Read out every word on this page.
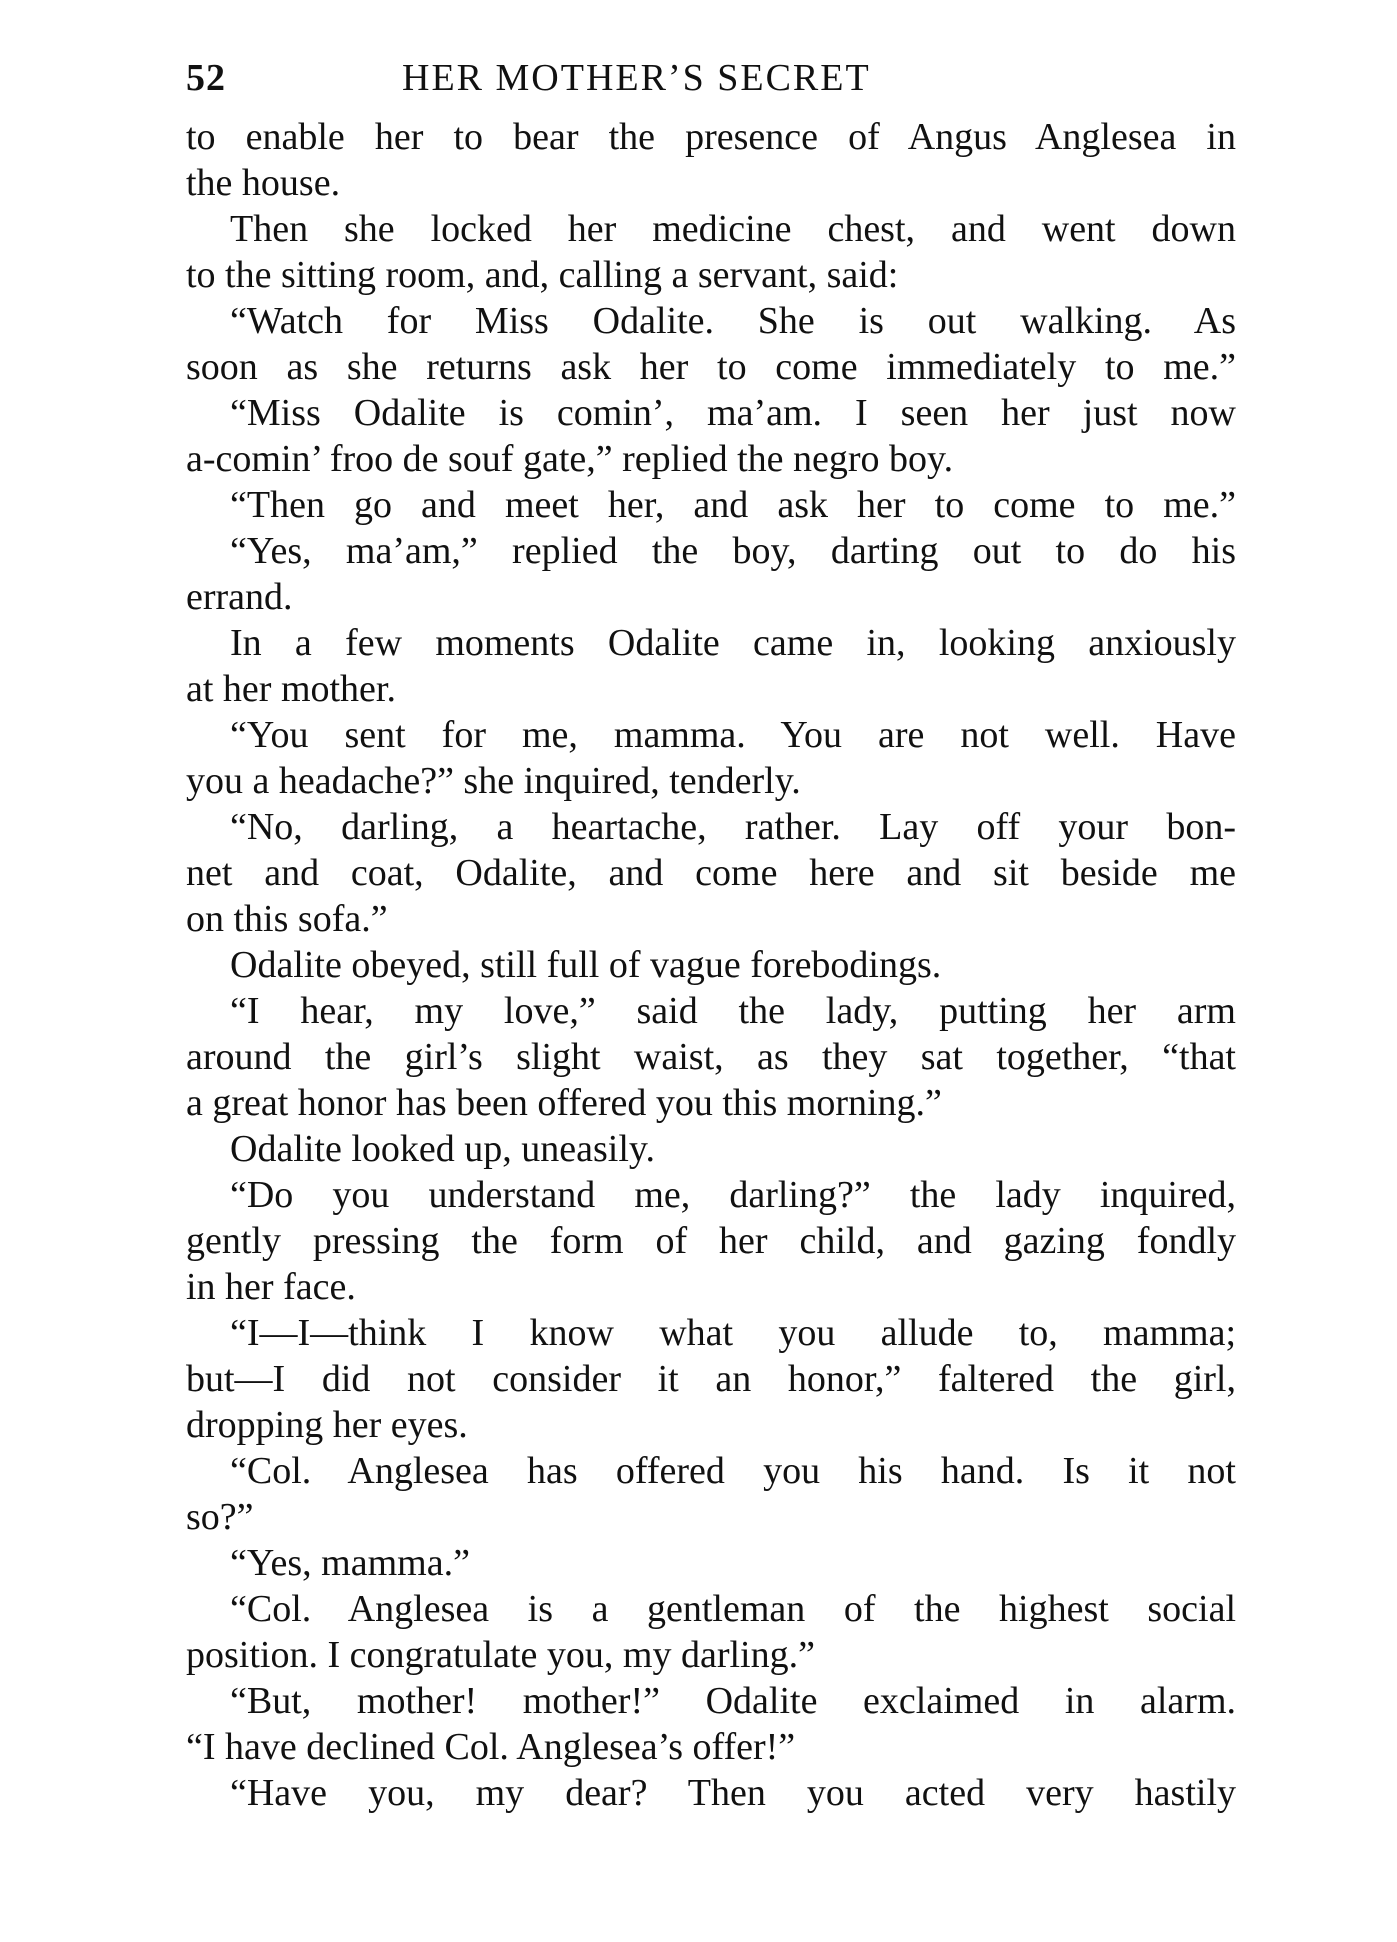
52	HER MOTHER’S SECRET
to enable her to bear the presence of Angus Anglesea in
the house.
Then she locked her medicine chest, and went down
to the sitting room, and, calling a servant, said:
“Watch for Miss Odalite. She is out walking. As
soon as she returns ask her to come immediately to me.”
“Miss Odalite is comin’, ma’am. I seen her just now
a-comin’ froo de souf gate,” replied the negro boy.
“Then go and meet her, and ask her to come to me.”
“Yes, ma’am,” replied the boy, darting out to do his
errand.
In a few moments Odalite came in, looking anxiously
at her mother.
“You sent for me, mamma. You are not well. Have
you a headache?” she inquired, tenderly.
“No, darling, a heartache, rather. Lay off your bon-
net and coat, Odalite, and come here and sit beside me
on this sofa.”
Odalite obeyed, still full of vague forebodings.
“I hear, my love,” said the lady, putting her arm
around the girl’s slight waist, as they sat together, “that
a great honor has been offered you this morning.”
Odalite looked up, uneasily.
“Do you understand me, darling?” the lady inquired,
gently pressing the form of her child, and gazing fondly
in her face.
“I—I—think I know what you allude to, mamma;
but—I did not consider it an honor,” faltered the girl,
dropping her eyes.
“Col. Anglesea has offered you his hand. Is it not
so?”
“Yes, mamma.”
“Col. Anglesea is a gentleman of the highest social
position. I congratulate you, my darling.”
“But, mother! mother!” Odalite exclaimed in alarm.
“I have declined Col. Anglesea’s offer!”
“Have you, my dear? Then you acted very hastily
